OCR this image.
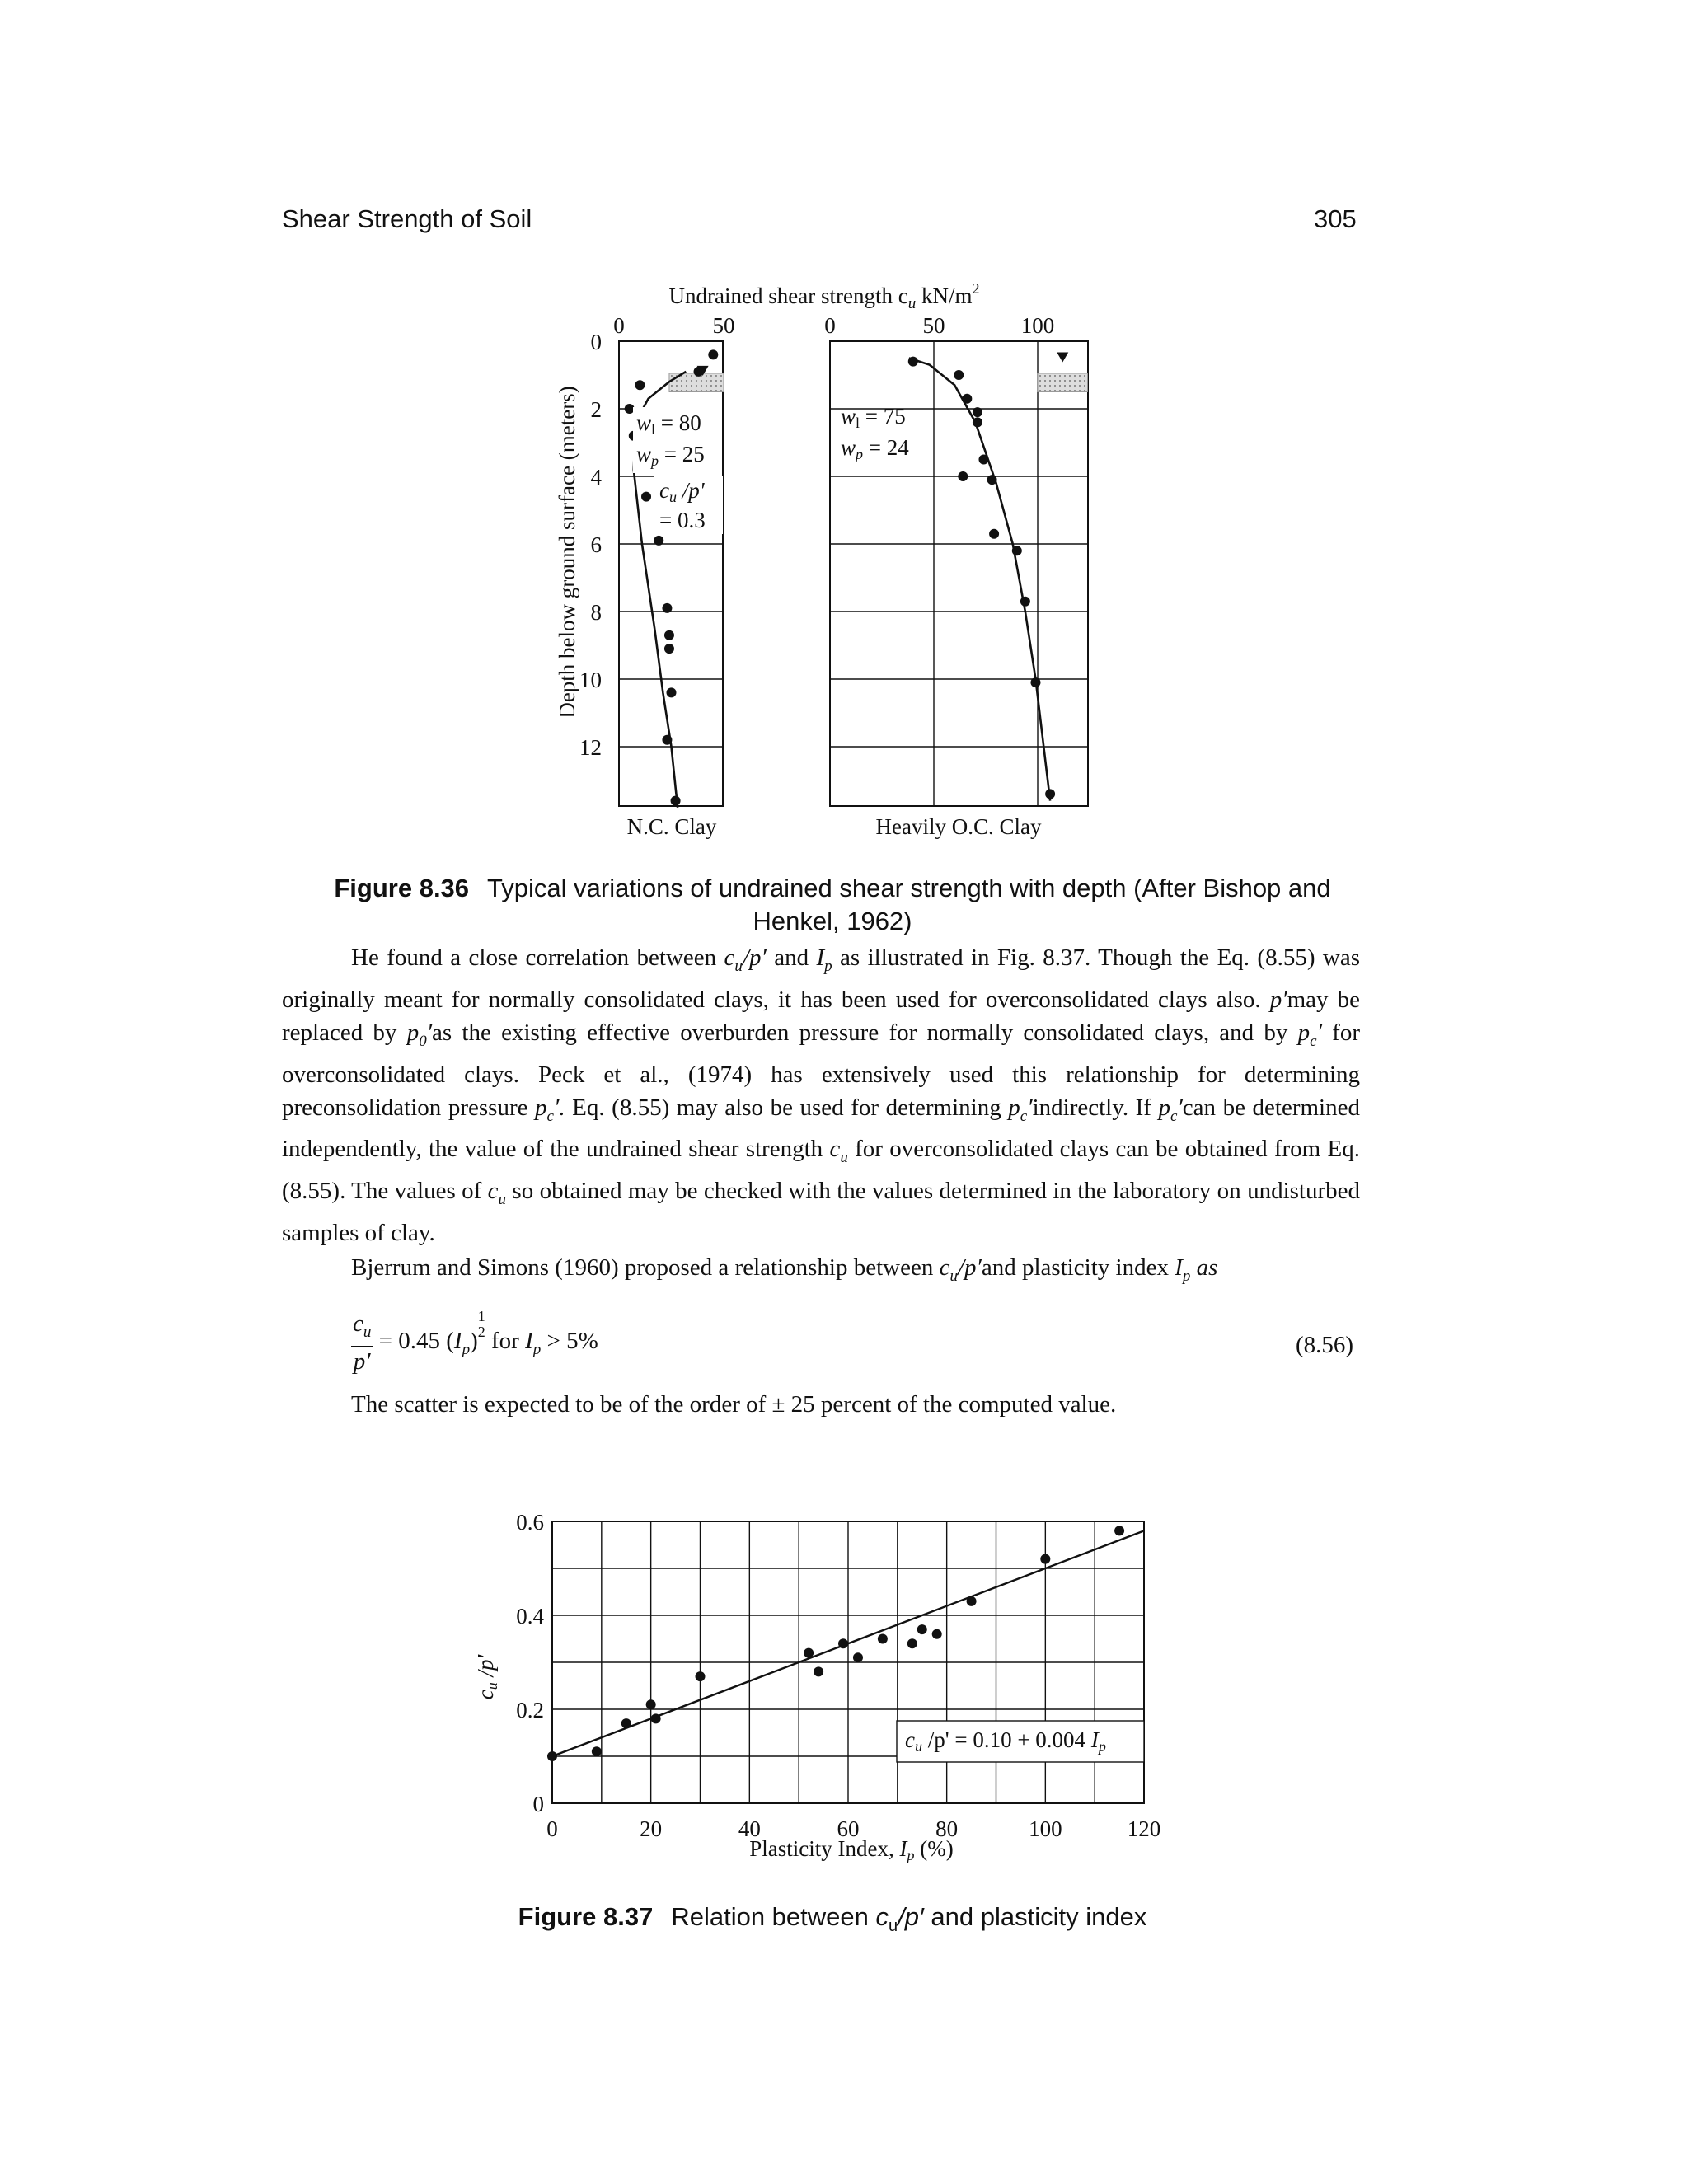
Shear Strength of Soil	305
Undrained shear strength $c_u$ $kN/m^2$
Depth below ground surface (meters)
0	50
0
2
4
6
8
10
12
0	50	100
N.C. Clay	Heavily O.C. Clay
wl = 80
wp = 25
cu /p'
= 0.3
wl = 75
wp = 24
Figure 8.36 Typical variations of undrained shear strength with depth (After Bishop and Henkel, 1962)

He found a close correlation between $c_u/p'$ and $I_p$ as illustrated in Fig. 8.37. Though the Eq. (8.55) was originally meant for normally consolidated clays, it has been used for overconsolidated clays also. p′may be replaced by $p_0'as$ the existing effective overburden pressure for normally consolidated clays, and by $p_c'$ for overconsolidated clays. Peck et al., (1974) has extensively used this relationship for determining preconsolidation pressure $p_c'$. Eq. (8.55) may also be used for determining $p_c'indirectly$. If $p_c'can$ be determined independently, the value of the undrained shear strength $c_u$ for overconsolidated clays can be obtained from Eq. (8.55). The values of $c_u$ so obtained may be checked with the values determined in the laboratory on undisturbed samples of clay.

Bjerrum and Simons (1960) proposed a relationship between $c_u/p'and$ plasticity index $I_p$ as

$\frac{c_u}{p'} = 0.45$ $(I_p)$
$\frac{1}{2}$
for $I_p > 5\%$	(8.56)
The scatter is expected to be of the order of ± 25 percent of the computed value.
0	20	40	60	80	100	120
0
0.2
0.4
0.6
cu /p'
Plasticity Index, Ip (%)
cu /p' = 0.10 + 0.004 Ip
Figure 8.37 Relation between $c_u/p'$ and plasticity index
